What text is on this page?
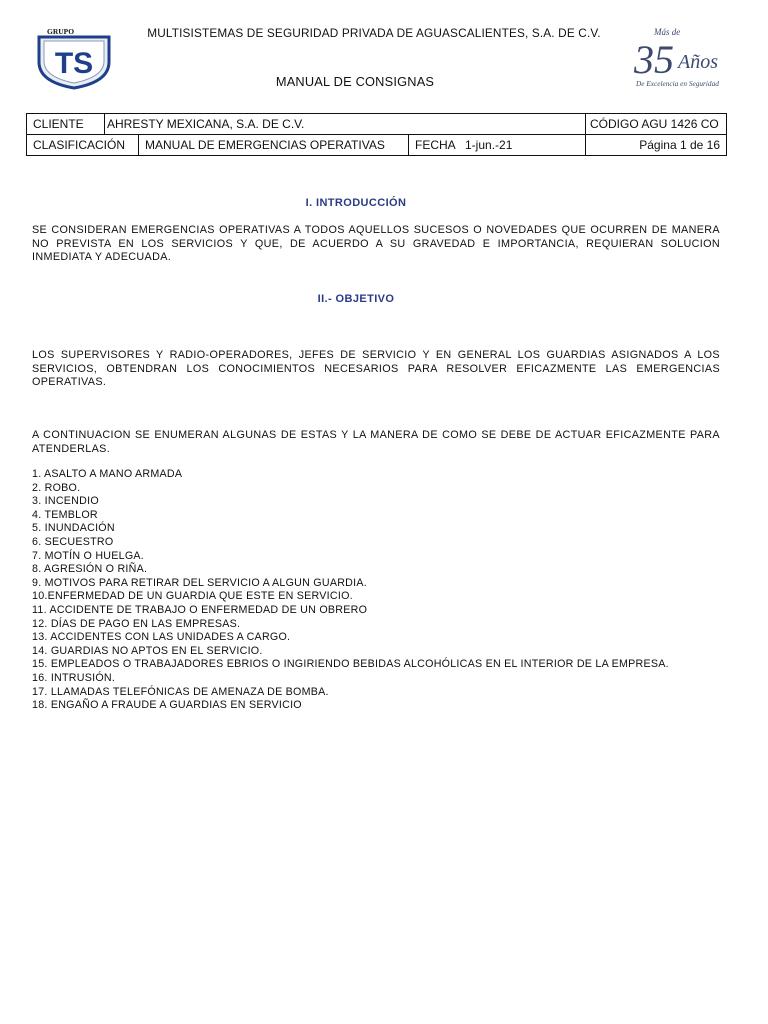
GRUPO
TS
MULTISISTEMAS DE SEGURIDAD PRIVADA DE AGUASCALIENTES, S.A. DE C.V.
MANUAL DE CONSIGNAS
Más de
35 Años
De Excelencia en Seguridad
CLIENTE	AHRESTY MEXICANA, S.A. DE C.V.			CÓDIGO AGU 1426 CO
CLASIFICACIÓN		MANUAL DE EMERGENCIAS OPERATIVAS	FECHA   1-jun.-21	Página 1 de 16
I. INTRODUCCIÓN

SE CONSIDERAN EMERGENCIAS OPERATIVAS A TODOS AQUELLOS SUCESOS O NOVEDADES QUE OCURREN DE MANERA NO PREVISTA EN LOS SERVICIOS Y QUE, DE ACUERDO A SU GRAVEDAD E IMPORTANCIA, REQUIERAN SOLUCION INMEDIATA Y ADECUADA.

II.- OBJETIVO

LOS SUPERVISORES Y RADIO-OPERADORES, JEFES DE SERVICIO Y EN GENERAL LOS GUARDIAS ASIGNADOS A LOS SERVICIOS, OBTENDRAN LOS CONOCIMIENTOS NECESARIOS PARA RESOLVER EFICAZMENTE LAS EMERGENCIAS OPERATIVAS.

A CONTINUACION SE ENUMERAN ALGUNAS DE ESTAS Y LA MANERA DE COMO SE DEBE DE ACTUAR EFICAZMENTE PARA ATENDERLAS.

1. ASALTO A MANO ARMADA
2. ROBO.
3. INCENDIO
4. TEMBLOR
5. INUNDACIÓN
6. SECUESTRO
7. MOTÍN O HUELGA.
8. AGRESIÓN O RIÑA.
9. MOTIVOS PARA RETIRAR DEL SERVICIO A ALGUN GUARDIA.
10.ENFERMEDAD DE UN GUARDIA QUE ESTE EN SERVICIO.
11. ACCIDENTE DE TRABAJO O ENFERMEDAD DE UN OBRERO
12. DÍAS DE PAGO EN LAS EMPRESAS.
13. ACCIDENTES CON LAS UNIDADES A CARGO.
14. GUARDIAS NO APTOS EN EL SERVICIO.
15. EMPLEADOS O TRABAJADORES EBRIOS O INGIRIENDO BEBIDAS ALCOHÓLICAS EN EL INTERIOR DE LA EMPRESA.
16. INTRUSIÓN.
17. LLAMADAS TELEFÓNICAS DE AMENAZA DE BOMBA.
18. ENGAÑO A FRAUDE A GUARDIAS EN SERVICIO
